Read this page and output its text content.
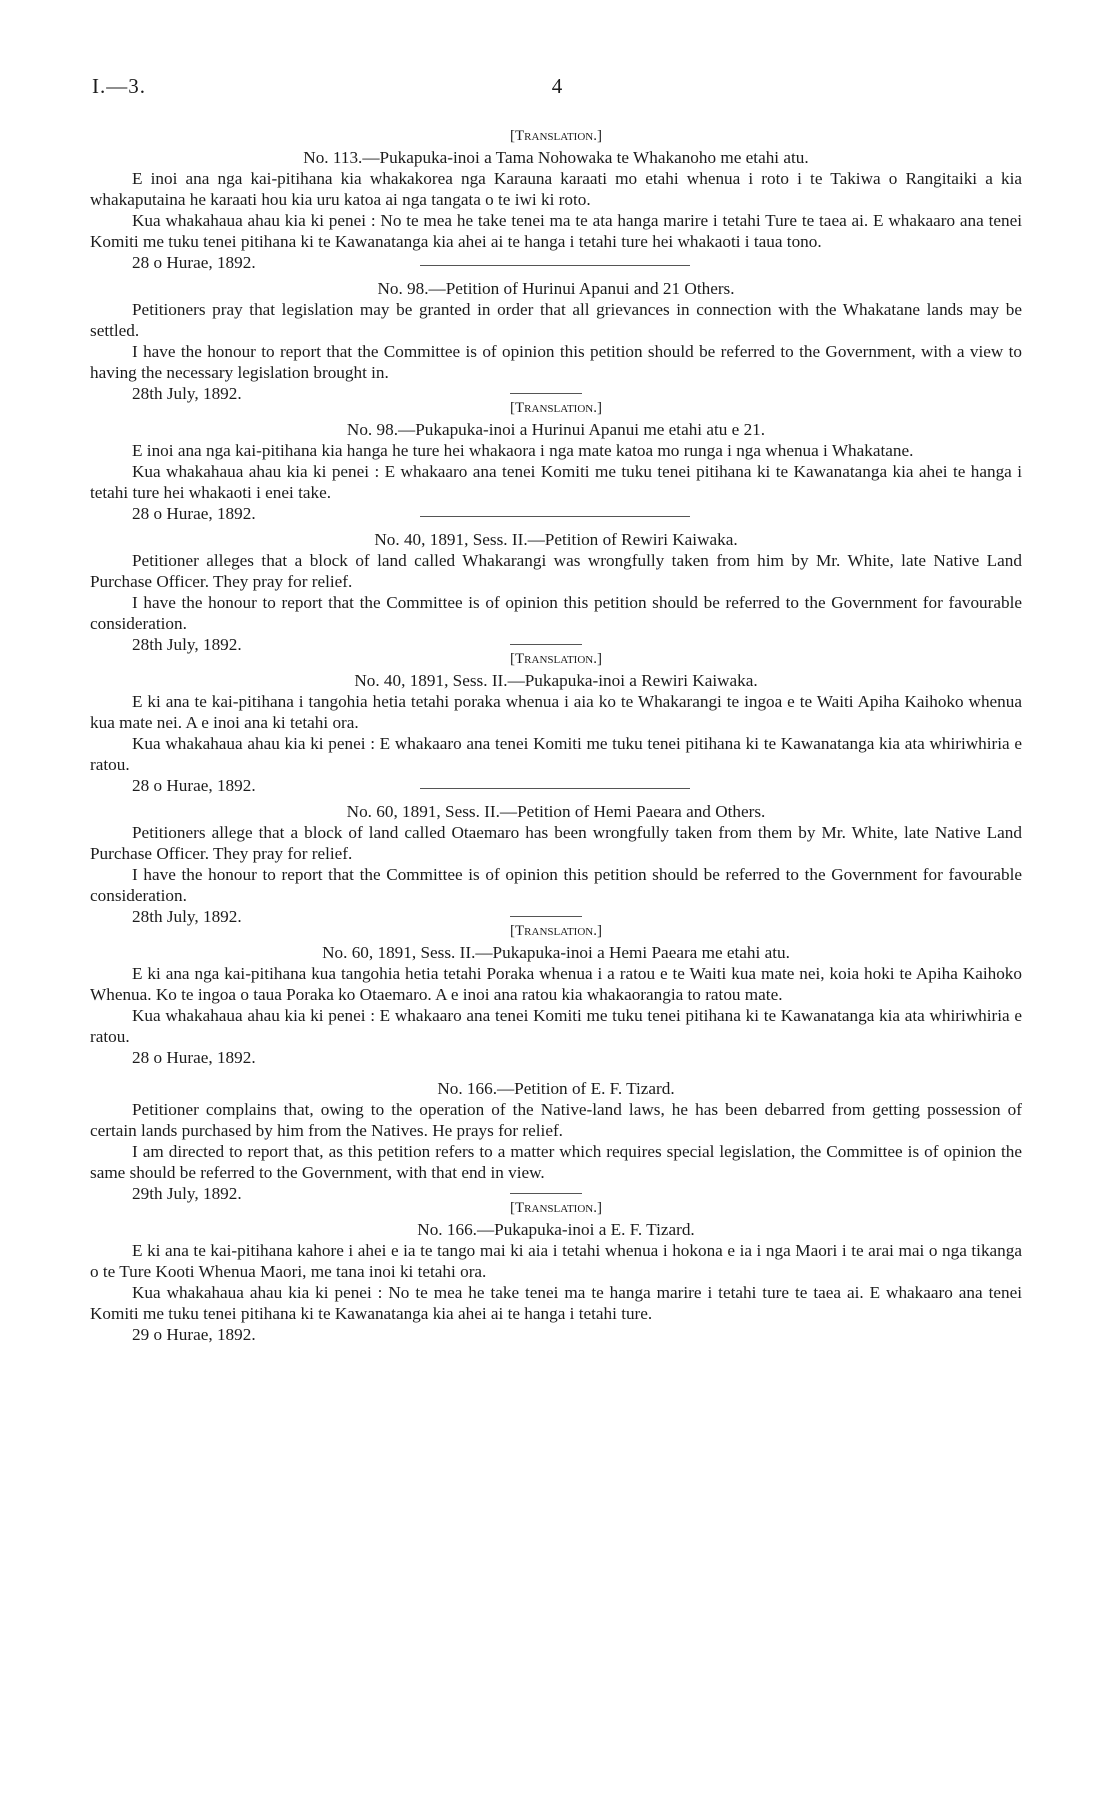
I.—3.	4

[Translation.]

No. 113.—Pukapuka-inoi a Tama Nohowaka te Whakanoho me etahi atu.

E inoi ana nga kai-pitihana kia whakakorea nga Karauna karaati mo etahi whenua i roto i te Takiwa o Rangitaiki a kia whakaputaina he karaati hou kia uru katoa ai nga tangata o te iwi ki roto.

Kua whakahaua ahau kia ki penei : No te mea he take tenei ma te ata hanga marire i tetahi Ture te taea ai. E whakaaro ana tenei Komiti me tuku tenei pitihana ki te Kawanatanga kia ahei ai te hanga i tetahi ture hei whakaoti i taua tono.

28 o Hurae, 1892.

No. 98.—Petition of Hurinui Apanui and 21 Others.

Petitioners pray that legislation may be granted in order that all grievances in connection with the Whakatane lands may be settled.

I have the honour to report that the Committee is of opinion this petition should be referred to the Government, with a view to having the necessary legislation brought in.

28th July, 1892.

[Translation.]

No. 98.—Pukapuka-inoi a Hurinui Apanui me etahi atu e 21.

E inoi ana nga kai-pitihana kia hanga he ture hei whakaora i nga mate katoa mo runga i nga whenua i Whakatane.

Kua whakahaua ahau kia ki penei : E whakaaro ana tenei Komiti me tuku tenei pitihana ki te Kawanatanga kia ahei te hanga i tetahi ture hei whakaoti i enei take.

28 o Hurae, 1892.

No. 40, 1891, Sess. II.—Petition of Rewiri Kaiwaka.

Petitioner alleges that a block of land called Whakarangi was wrongfully taken from him by Mr. White, late Native Land Purchase Officer. They pray for relief.

I have the honour to report that the Committee is of opinion this petition should be referred to the Government for favourable consideration.

28th July, 1892.

[Translation.]

No. 40, 1891, Sess. II.—Pukapuka-inoi a Rewiri Kaiwaka.

E ki ana te kai-pitihana i tangohia hetia tetahi poraka whenua i aia ko te Whakarangi te ingoa e te Waiti Apiha Kaihoko whenua kua mate nei. A e inoi ana ki tetahi ora.

Kua whakahaua ahau kia ki penei : E whakaaro ana tenei Komiti me tuku tenei pitihana ki te Kawanatanga kia ata whiriwhiria e ratou.

28 o Hurae, 1892.

No. 60, 1891, Sess. II.—Petition of Hemi Paeara and Others.

Petitioners allege that a block of land called Otaemaro has been wrongfully taken from them by Mr. White, late Native Land Purchase Officer. They pray for relief.

I have the honour to report that the Committee is of opinion this petition should be referred to the Government for favourable consideration.

28th July, 1892.

[Translation.]

No. 60, 1891, Sess. II.—Pukapuka-inoi a Hemi Paeara me etahi atu.

E ki ana nga kai-pitihana kua tangohia hetia tetahi Poraka whenua i a ratou e te Waiti kua mate nei, koia hoki te Apiha Kaihoko Whenua. Ko te ingoa o taua Poraka ko Otaemaro. A e inoi ana ratou kia whakaorangia to ratou mate.

Kua whakahaua ahau kia ki penei : E whakaaro ana tenei Komiti me tuku tenei pitihana ki te Kawanatanga kia ata whiriwhiria e ratou.

28 o Hurae, 1892.

No. 166.—Petition of E. F. Tizard.

Petitioner complains that, owing to the operation of the Native-land laws, he has been debarred from getting possession of certain lands purchased by him from the Natives. He prays for relief.

I am directed to report that, as this petition refers to a matter which requires special legislation, the Committee is of opinion the same should be referred to the Government, with that end in view.

29th July, 1892.

[Translation.]

No. 166.—Pukapuka-inoi a E. F. Tizard.

E ki ana te kai-pitihana kahore i ahei e ia te tango mai ki aia i tetahi whenua i hokona e ia i nga Maori i te arai mai o nga tikanga o te Ture Kooti Whenua Maori, me tana inoi ki tetahi ora.

Kua whakahaua ahau kia ki penei : No te mea he take tenei ma te hanga marire i tetahi ture te taea ai. E whakaaro ana tenei Komiti me tuku tenei pitihana ki te Kawanatanga kia ahei ai te hanga i tetahi ture.

29 o Hurae, 1892.
